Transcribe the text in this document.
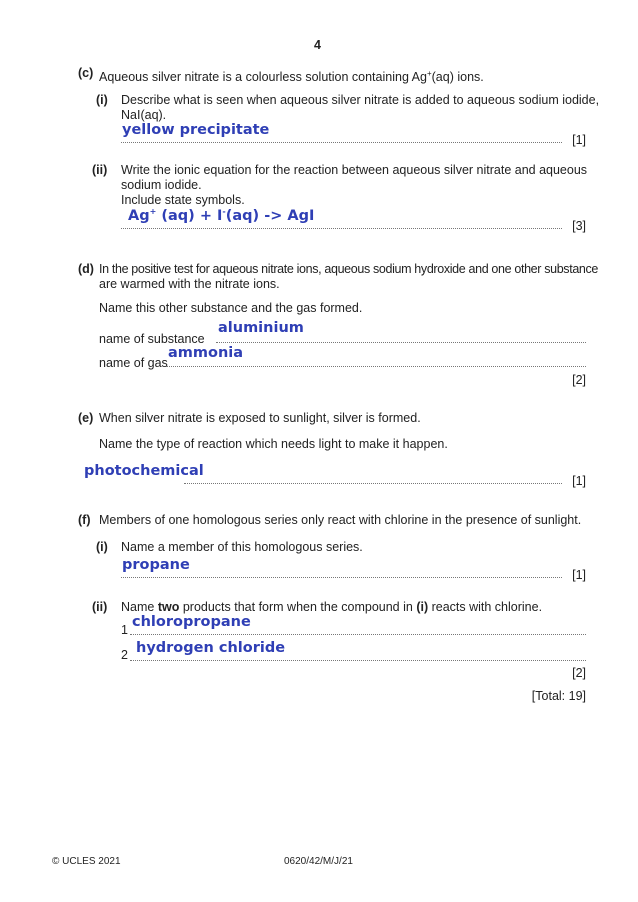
4
(c) Aqueous silver nitrate is a colourless solution containing Ag+(aq) ions.
(i) Describe what is seen when aqueous silver nitrate is added to aqueous sodium iodide,
NaI(aq).
yellow precipitate
[1]
(ii) Write the ionic equation for the reaction between aqueous silver nitrate and aqueous
sodium iodide.
Include state symbols.
Ag+ (aq) + I-(aq) -> AgI
[3]
(d) In the positive test for aqueous nitrate ions, aqueous sodium hydroxide and one other substance
are warmed with the nitrate ions.
Name this other substance and the gas formed.
name of substance
aluminium
name of gas
ammonia
[2]
(e) When silver nitrate is exposed to sunlight, silver is formed.
Name the type of reaction which needs light to make it happen.
photochemical
[1]
(f) Members of one homologous series only react with chlorine in the presence of sunlight.
(i) Name a member of this homologous series.
propane
[1]
(ii) Name two products that form when the compound in (i) reacts with chlorine.
1 chloropropane
2 hydrogen chloride
[2]
[Total: 19]
© UCLES 2021	0620/42/M/J/21
